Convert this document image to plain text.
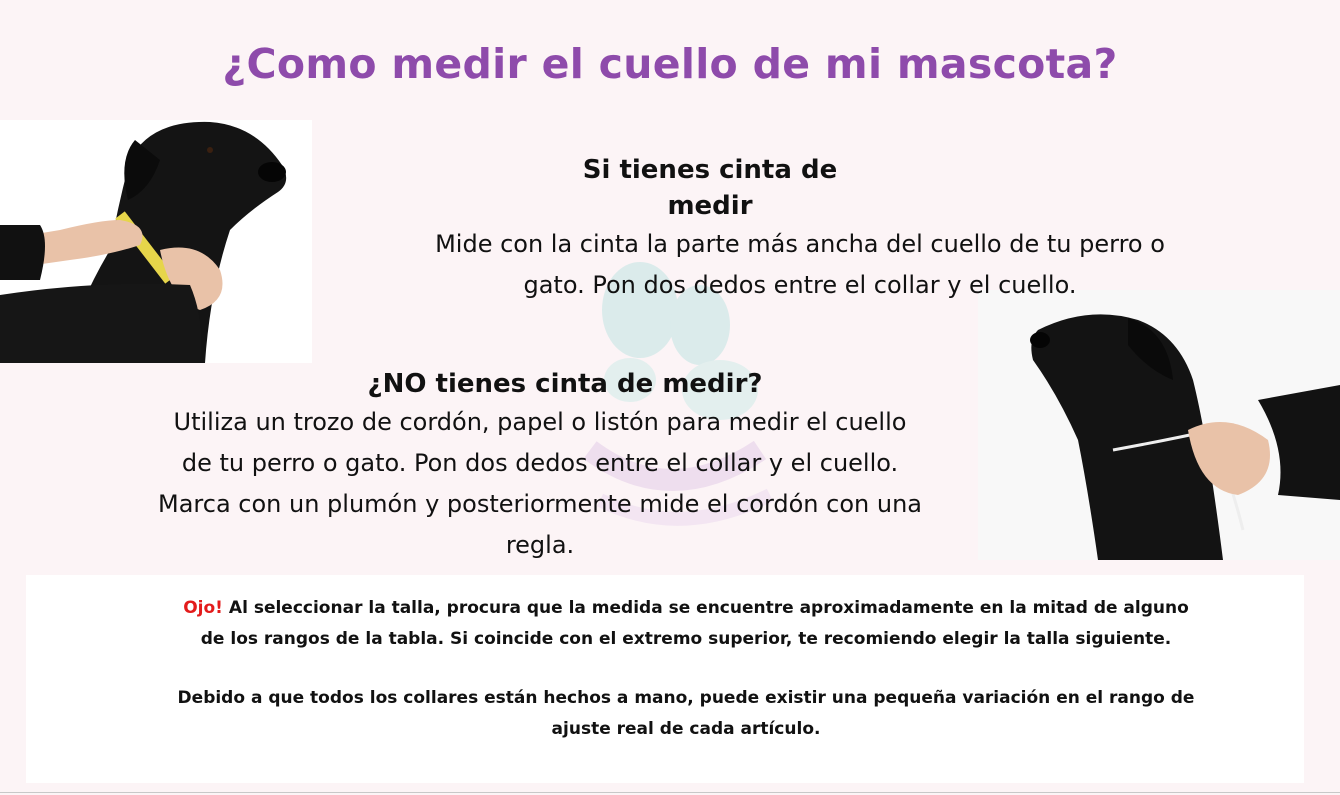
¿Como medir el cuello de mi mascota?
Si tienes cinta de medir
Mide con la cinta la parte más ancha del cuello de tu perro o
gato. Pon dos dedos entre el collar y el cuello.
¿NO tienes cinta de medir?
Utiliza un trozo de cordón, papel o listón para medir el cuello
de tu perro o gato. Pon dos dedos entre el collar y el cuello.
Marca con un plumón y posteriormente mide el cordón con una
regla.
Ojo! Al seleccionar la talla, procura que la medida se encuentre aproximadamente en la mitad de alguno
de los rangos de la tabla. Si coincide con el extremo superior, te recomiendo elegir la talla siguiente.
Debido a que todos los collares están hechos a mano, puede existir una pequeña variación en el rango de
ajuste real de cada artículo.
